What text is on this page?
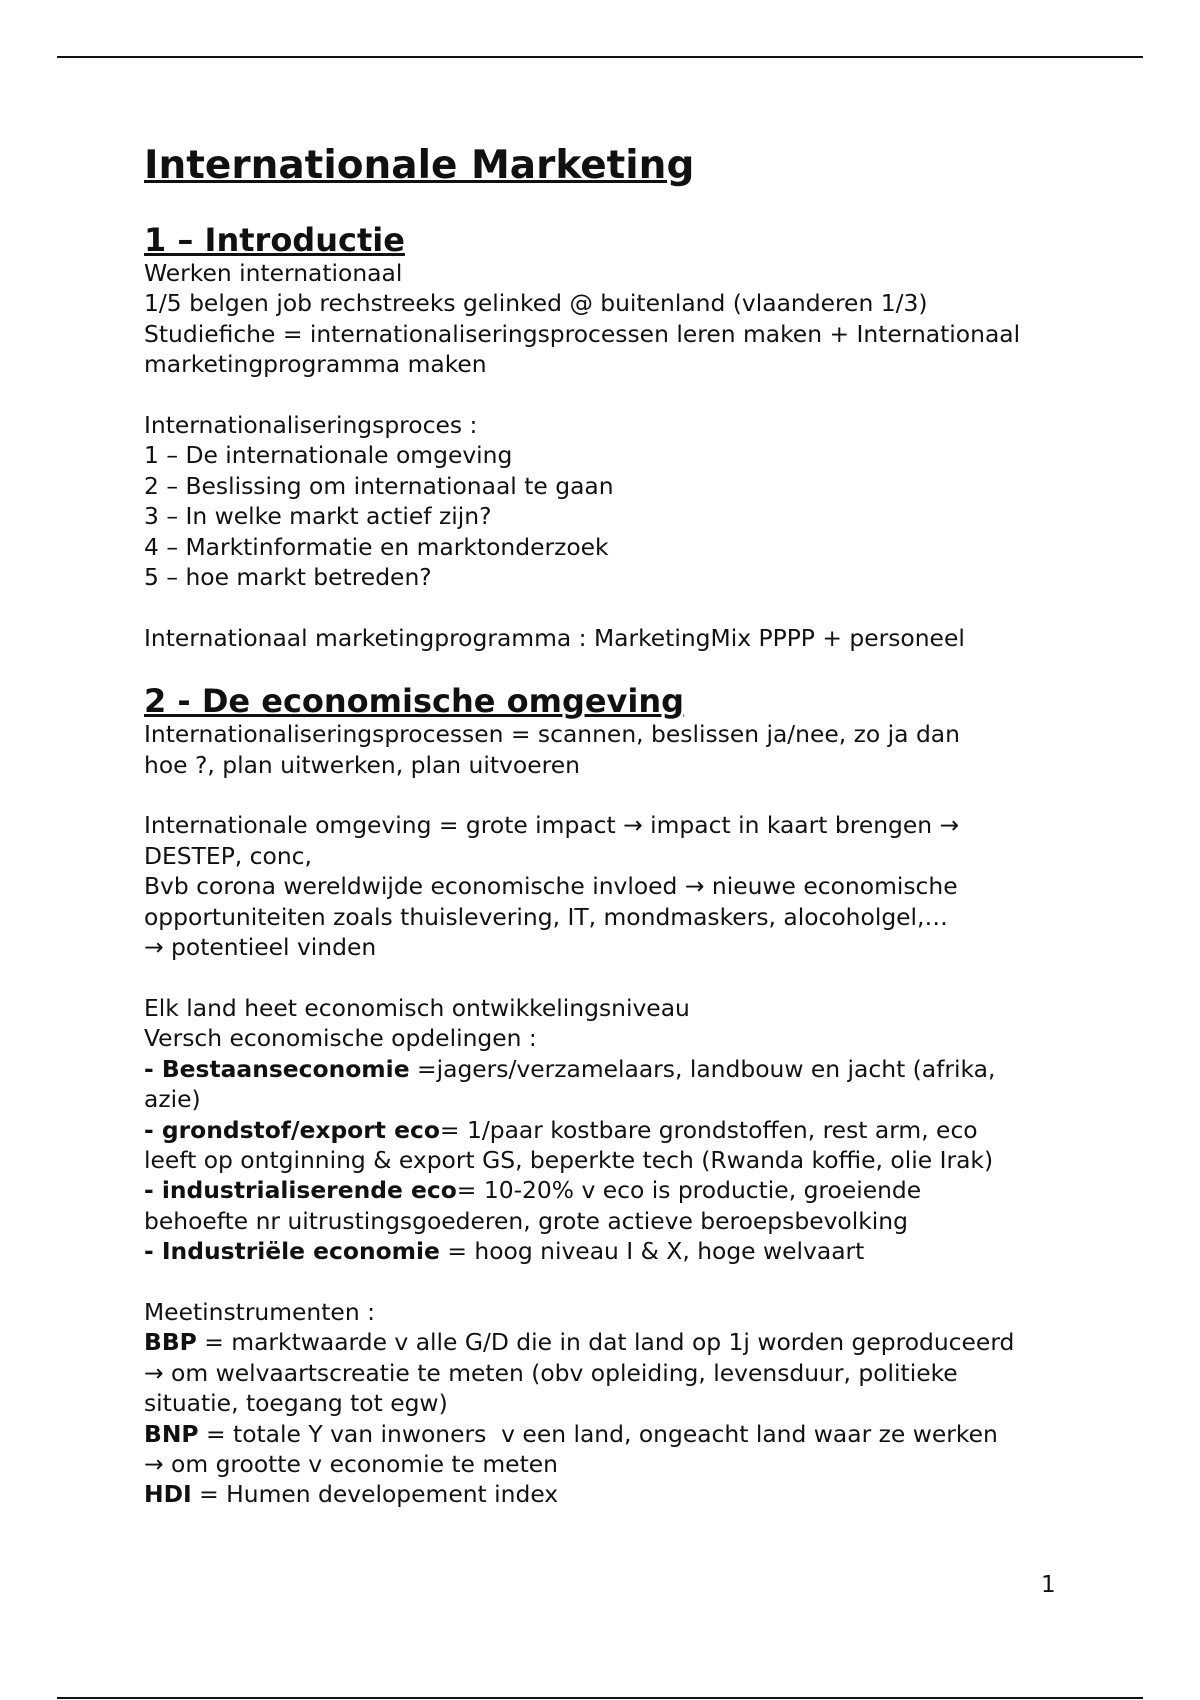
Internationale Marketing
1 – Introductie
Werken internationaal
1/5 belgen job rechstreeks gelinked @ buitenland (vlaanderen 1/3)
Studiefiche = internationaliseringsprocessen leren maken + Internationaal
marketingprogramma maken
Internationaliseringsproces :
1 – De internationale omgeving
2 – Beslissing om internationaal te gaan
3 – In welke markt actief zijn?
4 – Marktinformatie en marktonderzoek
5 – hoe markt betreden?
Internationaal marketingprogramma : MarketingMix PPPP + personeel
2 - De economische omgeving
Internationaliseringsprocessen = scannen, beslissen ja/nee, zo ja dan
hoe ?, plan uitwerken, plan uitvoeren
Internationale omgeving = grote impact → impact in kaart brengen →
DESTEP, conc,
Bvb corona wereldwijde economische invloed → nieuwe economische
opportuniteiten zoals thuislevering, IT, mondmaskers, alocoholgel,…
→ potentieel vinden
Elk land heet economisch ontwikkelingsniveau
Versch economische opdelingen :
- Bestaanseconomie =jagers/verzamelaars, landbouw en jacht (afrika,
azie)
- grondstof/export eco= 1/paar kostbare grondstoffen, rest arm, eco
leeft op ontginning & export GS, beperkte tech (Rwanda koffie, olie Irak)
- industrialiserende eco= 10-20% v eco is productie, groeiende
behoefte nr uitrustingsgoederen, grote actieve beroepsbevolking
- Industriële economie = hoog niveau I & X, hoge welvaart
Meetinstrumenten :
BBP = marktwaarde v alle G/D die in dat land op 1j worden geproduceerd
→ om welvaartscreatie te meten (obv opleiding, levensduur, politieke
situatie, toegang tot egw)
BNP = totale Y van inwoners  v een land, ongeacht land waar ze werken
→ om grootte v economie te meten
HDI = Humen developement index
1
